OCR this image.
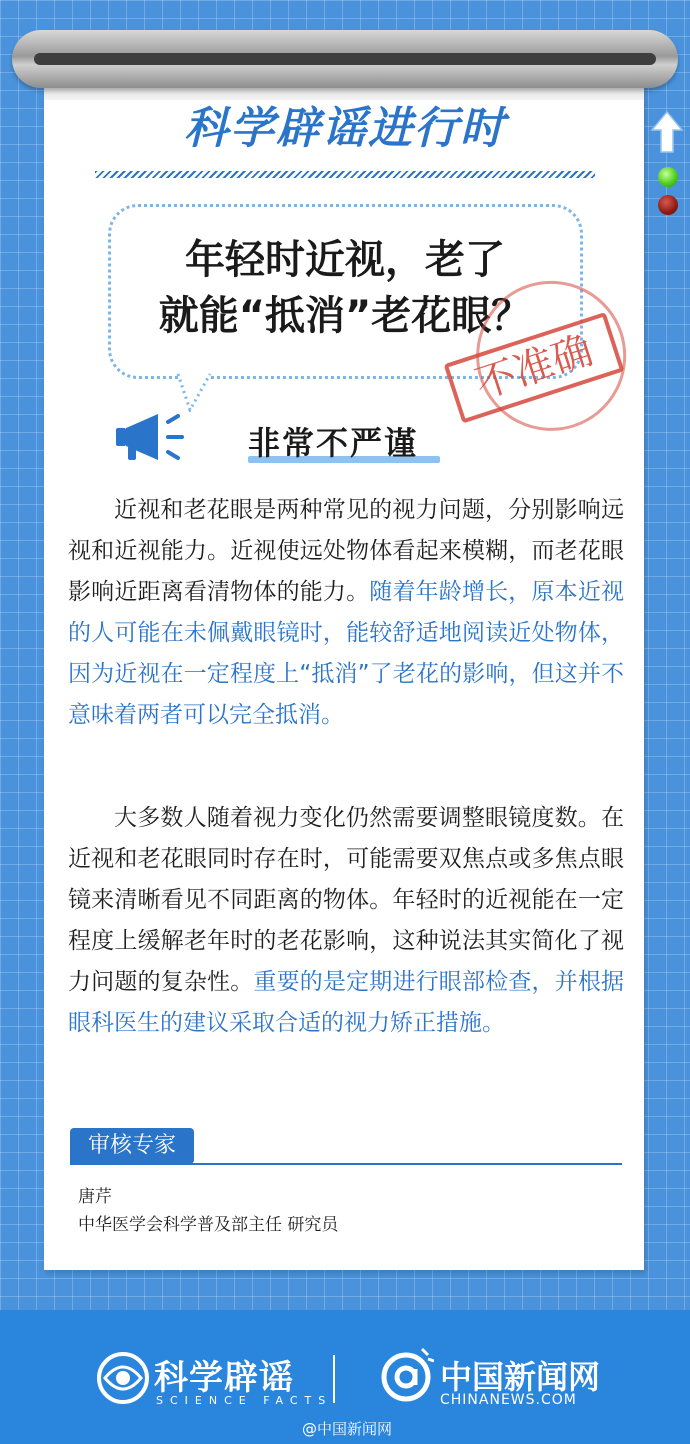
科学辟谣进行时
年轻时近视，老了
就能“抵消”老花眼？
不准确
非常不严谨
近视和老花眼是两种常见的视力问题，分别影响远视和近视能力。近视使远处物体看起来模糊，而老花眼影响近距离看清物体的能力。随着年龄增长，原本近视的人可能在未佩戴眼镜时，能较舒适地阅读近处物体，因为近视在一定程度上“抵消”了老花的影响，但这并不意味着两者可以完全抵消。
大多数人随着视力变化仍然需要调整眼镜度数。在近视和老花眼同时存在时，可能需要双焦点或多焦点眼镜来清晰看见不同距离的物体。年轻时的近视能在一定程度上缓解老年时的老花影响，这种说法其实简化了视力问题的复杂性。重要的是定期进行眼部检查，并根据眼科医生的建议采取合适的视力矫正措施。
审核专家
唐芹
中华医学会科学普及部主任 研究员
科学辟谣
SCIENCE FACTS
中国新闻网
CHINANEWS.COM
@中国新闻网
